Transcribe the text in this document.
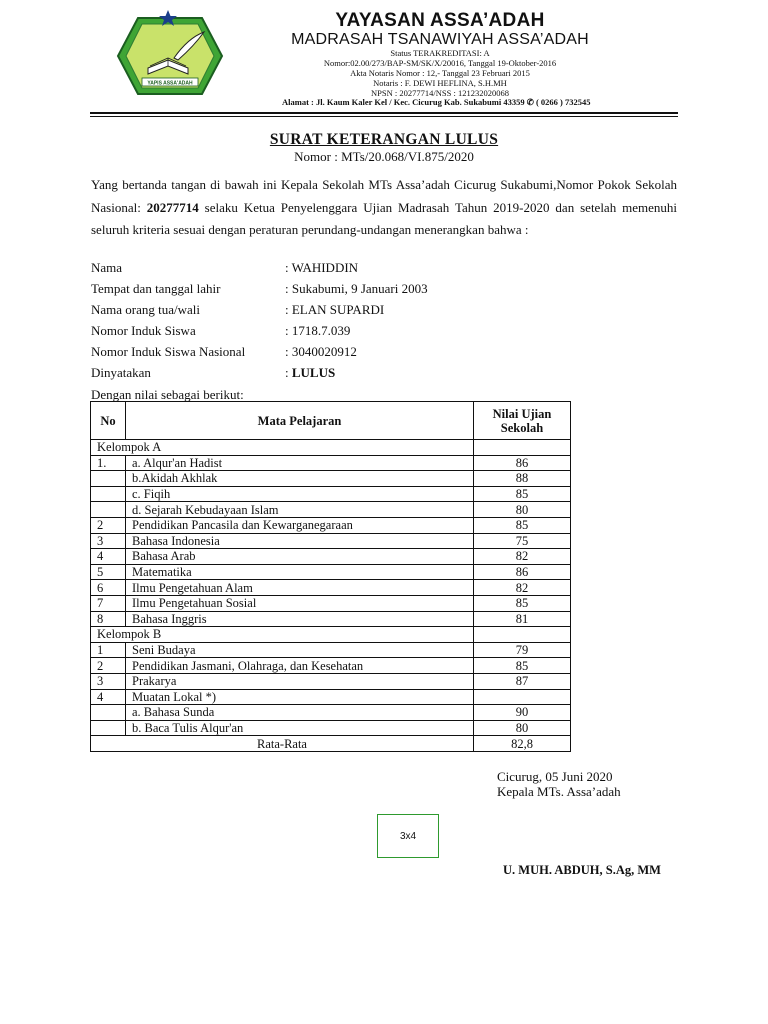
YAPIS ASSA'ADAH
YAYASAN ASSA’ADAH
MADRASAH TSANAWIYAH ASSA’ADAH
Status TERAKREDITASI: A
Nomor:02.00/273/BAP-SM/SK/X/20016, Tanggal 19-Oktober-2016
Akta Notaris Nomor : 12,- Tanggal 23 Februari 2015
Notaris : F. DEWI HEFLINA, S.H.MH
NPSN : 20277714/NSS : 121232020068
Alamat : Jl. Kaum Kaler Kel / Kec. Cicurug Kab. Sukabumi 43359 ✆ ( 0266 ) 732545
SURAT KETERANGAN LULUS
Nomor : MTs/20.068/VI.875/2020
Yang bertanda tangan di bawah ini Kepala Sekolah MTs Assa’adah Cicurug Sukabumi,Nomor Pokok Sekolah Nasional: 20277714 selaku Ketua Penyelenggara Ujian Madrasah Tahun 2019-2020 dan setelah memenuhi seluruh kriteria sesuai dengan peraturan perundang-undangan menerangkan bahwa :
Nama	: WAHIDDIN
Tempat dan tanggal lahir	: Sukabumi, 9 Januari 2003
Nama orang tua/wali	: ELAN SUPARDI
Nomor Induk Siswa	: 1718.7.039
Nomor Induk Siswa Nasional	: 3040020912
Dinyatakan	: LULUS
Dengan nilai sebagai berikut:
No	Mata Pelajaran	Nilai Ujian Sekolah
Kelompok A		
1.	a. Alqur'an Hadist	86
	b.Akidah Akhlak	88
	c. Fiqih	85
	d. Sejarah Kebudayaan Islam	80
2	Pendidikan Pancasila dan Kewarganegaraan	85
3	Bahasa Indonesia	75
4	Bahasa Arab	82
5	Matematika	86
6	Ilmu Pengetahuan Alam	82
7	Ilmu Pengetahuan Sosial	85
8	Bahasa Inggris	81
Kelompok B		
1	Seni Budaya	79
2	Pendidikan Jasmani, Olahraga, dan Kesehatan	85
3	Prakarya	87
4	Muatan Lokal *)	
	a. Bahasa Sunda	90
	b. Baca Tulis Alqur'an	80
Rata-Rata		82,8
Cicurug, 05 Juni 2020
Kepala MTs. Assa’adah
3x4
U. MUH. ABDUH, S.Ag, MM
